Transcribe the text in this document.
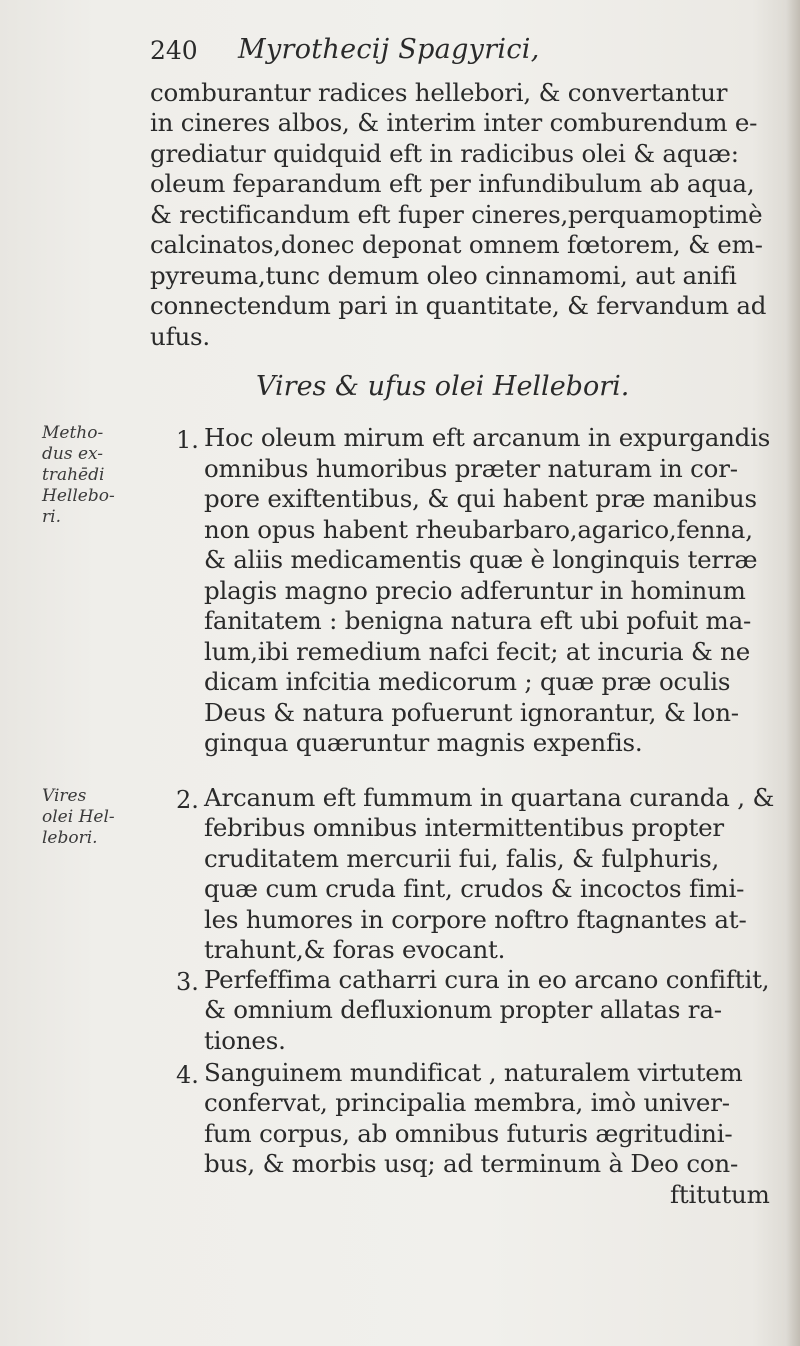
240 Myrothecij Spagyrici,
comburantur radices hellebori, & convertantur
in cineres albos, & interim inter comburendum e-
grediatur quidquid eft in radicibus olei & aquæ:
oleum feparandum eft per infundibulum ab aqua,
& rectificandum eft fuper cineres,perquamoptimè
calcinatos,donec deponat omnem fœtorem, & em-
pyreuma,tunc demum oleo cinnamomi, aut anifi
connectendum pari in quantitate, & fervandum ad
ufus.
Vires & ufus olei Hellebori.
Metho-
dus ex-
trahēdi
Hellebo-
ri.
Vires
olei Hel-
lebori.
1. Hoc oleum mirum eft arcanum in expurgandis
omnibus humoribus præter naturam in cor-
pore exiftentibus, & qui habent præ manibus
non opus habent rheubarbaro,agarico,fenna,
& aliis medicamentis quæ è longinquis terræ
plagis magno precio adferuntur in hominum
fanitatem : benigna natura eft ubi pofuit ma-
lum,ibi remedium nafci fecit; at incuria & ne
dicam infcitia medicorum ; quæ præ oculis
Deus & natura pofuerunt ignorantur, & lon-
ginqua quæruntur magnis expenfis.
2. Arcanum eft fummum in quartana curanda , &
febribus omnibus intermittentibus propter
cruditatem mercurii fui, falis, & fulphuris,
quæ cum cruda fint, crudos & incoctos fimi-
les humores in corpore noftro ftagnantes at-
trahunt,& foras evocant.
3. Perfeffima catharri cura in eo arcano confiftit,
& omnium defluxionum propter allatas ra-
tiones.
4. Sanguinem mundificat , naturalem virtutem
confervat, principalia membra, imò univer-
fum corpus, ab omnibus futuris ægritudini-
bus, & morbis usq; ad terminum à Deo con-
ftitutum
